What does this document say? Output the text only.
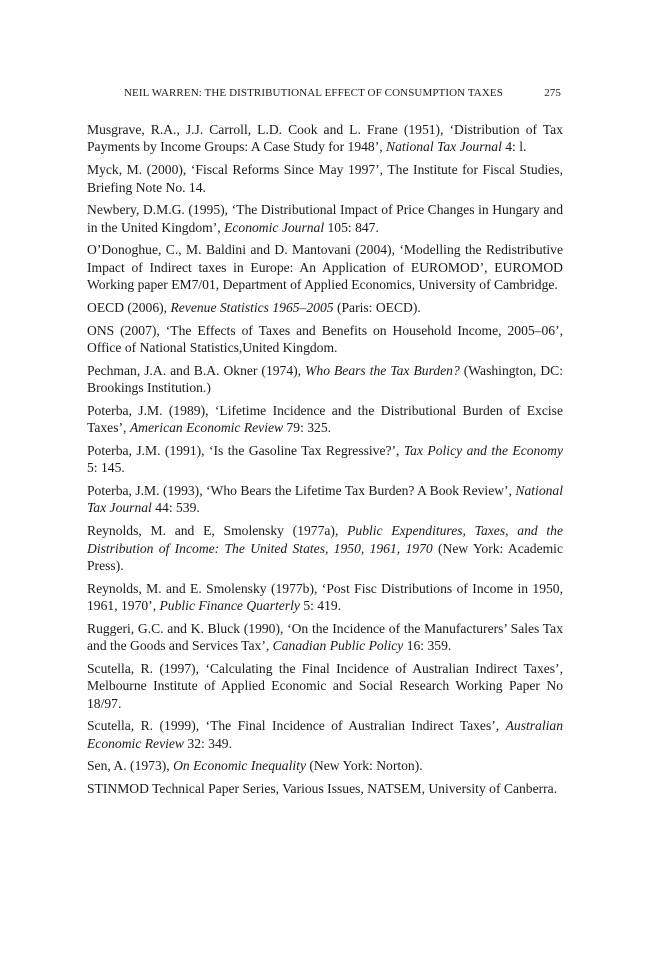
NEIL WARREN: THE DISTRIBUTIONAL EFFECT OF CONSUMPTION TAXES	275

Musgrave, R.A., J.J. Carroll, L.D. Cook and L. Frane (1951), ‘Distribution of Tax Payments by Income Groups: A Case Study for 1948’, National Tax Journal 4: l.

Myck, M. (2000), ‘Fiscal Reforms Since May 1997’, The Institute for Fiscal Studies, Briefing Note No. 14.

Newbery, D.M.G. (1995), ‘The Distributional Impact of Price Changes in Hungary and in the United Kingdom’, Economic Journal 105: 847.

O’Donoghue, C., M. Baldini and D. Mantovani (2004), ‘Modelling the Redistributive Impact of Indirect taxes in Europe: An Application of EUROMOD’, EUROMOD Working paper EM7/01, Department of Applied Economics, University of Cambridge.

OECD (2006), Revenue Statistics 1965–2005 (Paris: OECD).

ONS (2007), ‘The Effects of Taxes and Benefits on Household Income, 2005–06’, Office of National Statistics,United Kingdom.

Pechman, J.A. and B.A. Okner (1974), Who Bears the Tax Burden? (Washington, DC: Brookings Institution.)

Poterba, J.M. (1989), ‘Lifetime Incidence and the Distributional Burden of Excise Taxes’, American Economic Review 79: 325.

Poterba, J.M. (1991), ‘Is the Gasoline Tax Regressive?’, Tax Policy and the Economy 5: 145.

Poterba, J.M. (1993), ‘Who Bears the Lifetime Tax Burden? A Book Review’, National Tax Journal 44: 539.

Reynolds, M. and E, Smolensky (1977a), Public Expenditures, Taxes, and the Distribution of Income: The United States, 1950, 1961, 1970 (New York: Academic Press).

Reynolds, M. and E. Smolensky (1977b), ‘Post Fisc Distributions of Income in 1950, 1961, 1970’, Public Finance Quarterly 5: 419.

Ruggeri, G.C. and K. Bluck (1990), ‘On the Incidence of the Manufacturers’ Sales Tax and the Goods and Services Tax’, Canadian Public Policy 16: 359.

Scutella, R. (1997), ‘Calculating the Final Incidence of Australian Indirect Taxes’, Melbourne Institute of Applied Economic and Social Research Working Paper No 18/97.

Scutella, R. (1999), ‘The Final Incidence of Australian Indirect Taxes’, Australian Economic Review 32: 349.

Sen, A. (1973), On Economic Inequality (New York: Norton).

STINMOD Technical Paper Series, Various Issues, NATSEM, University of Canberra.
